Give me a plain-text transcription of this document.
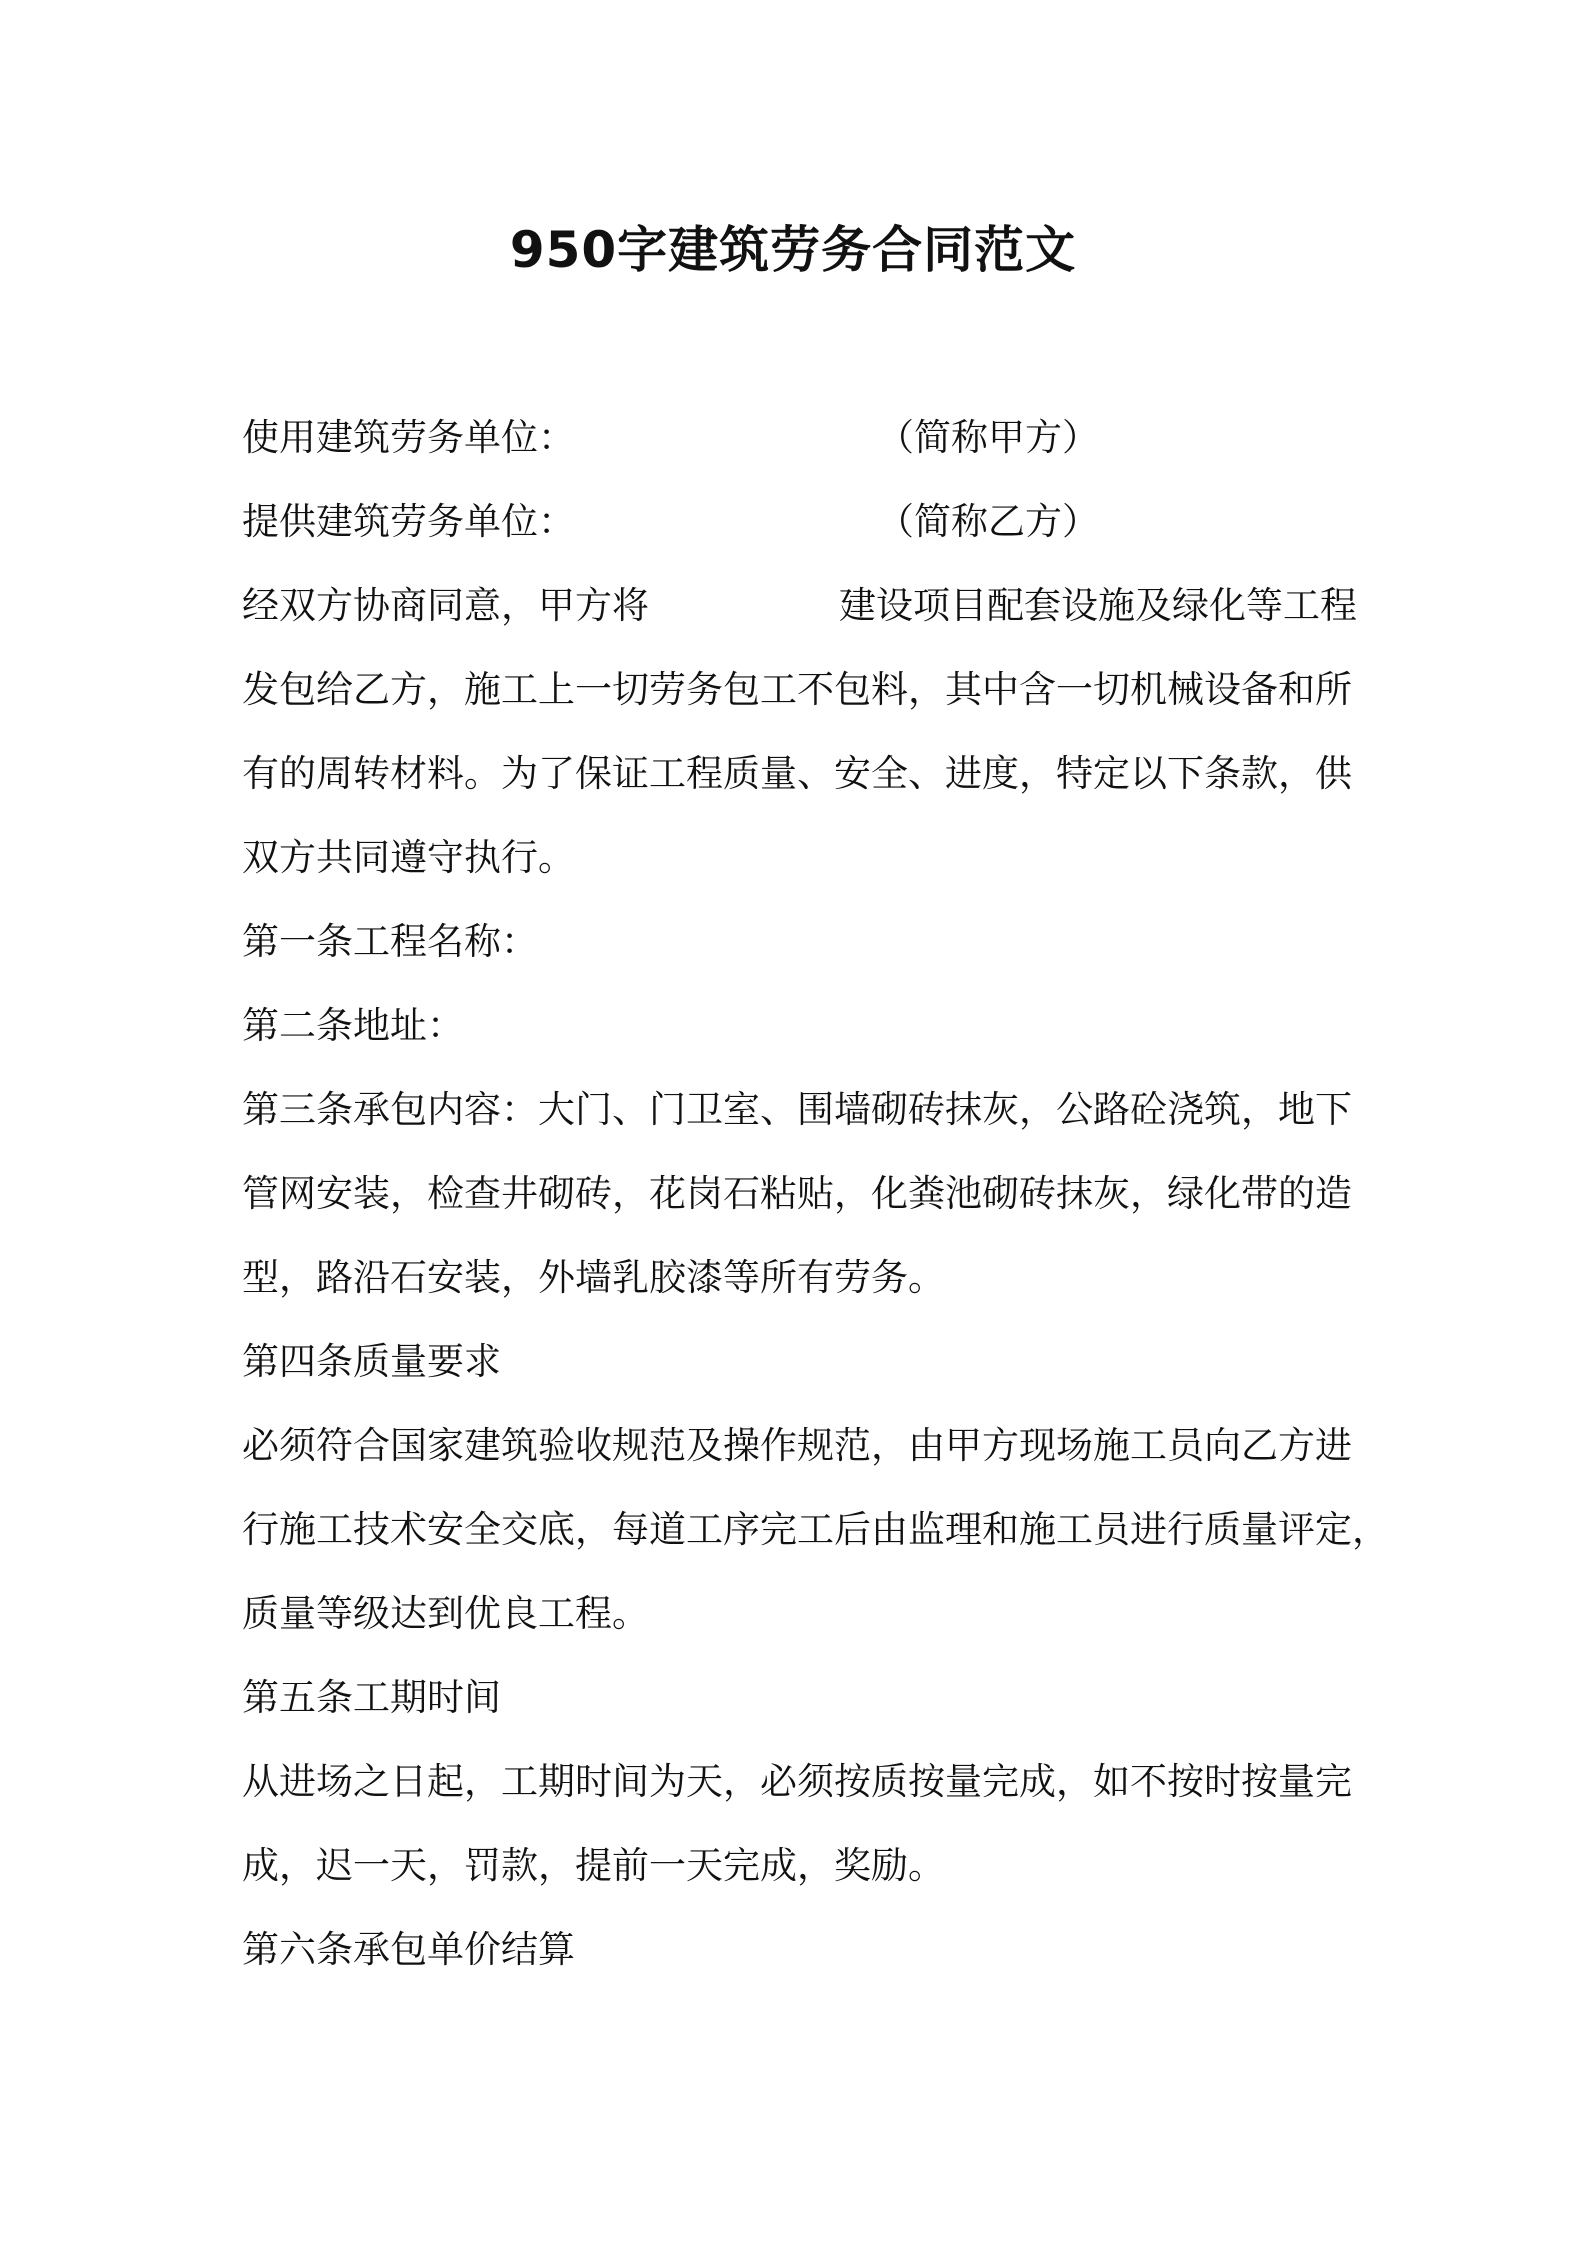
950字建筑劳务合同范文
使用建筑劳务单位：	（简称甲方）
提供建筑劳务单位：	（简称乙方）
经双方协商同意，甲方将	建设项目配套设施及绿化等工程
发包给乙方，施工上一切劳务包工不包料，其中含一切机械设备和所
有的周转材料。为了保证工程质量、安全、进度，特定以下条款，供
双方共同遵守执行。
第一条工程名称：
第二条地址：
第三条承包内容：大门、门卫室、围墙砌砖抹灰，公路砼浇筑，地下
管网安装，检查井砌砖，花岗石粘贴，化粪池砌砖抹灰，绿化带的造
型，路沿石安装，外墙乳胶漆等所有劳务。
第四条质量要求
必须符合国家建筑验收规范及操作规范，由甲方现场施工员向乙方进
行施工技术安全交底，每道工序完工后由监理和施工员进行质量评定，
质量等级达到优良工程。
第五条工期时间
从进场之日起，工期时间为天，必须按质按量完成，如不按时按量完
成，迟一天，罚款，提前一天完成，奖励。
第六条承包单价结算
